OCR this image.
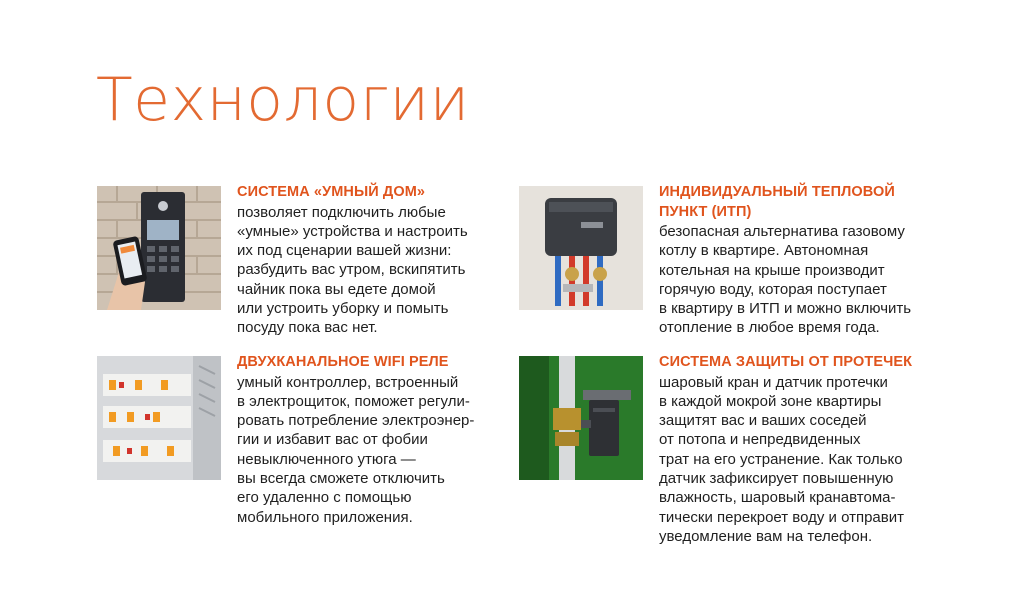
Технологии

СИСТЕМА «УМНЫЙ ДОМ»

позволяет подключить любые

«умные» устройства и настроить

их под сценарии вашей жизни:

разбудить вас утром, вскипятить

чайник пока вы едете домой

или устроить уборку и помыть

посуду пока вас нет.

ИНДИВИДУАЛЬНЫЙ ТЕПЛОВОЙ

ПУНКТ (ИТП)

безопасная альтернатива газовому

котлу в квартире. Автономная

котельная на крыше производит

горячую воду, которая поступает

в квартиру в ИТП и можно включить

отопление в любое время года.

ДВУХКАНАЛЬНОЕ WIFI РЕЛЕ

умный контроллер, встроенный

в электрощиток, поможет регули-

ровать потребление электроэнер-

гии и избавит вас от фобии

невыключенного утюга —

вы всегда сможете отключить

его удаленно с помощью

мобильного приложения.

СИСТЕМА ЗАЩИТЫ ОТ ПРОТЕЧЕК

шаровый кран и датчик протечки

в каждой мокрой зоне квартиры

защитят вас и ваших соседей

от потопа и непредвиденных

трат на его устранение. Как только

датчик зафиксирует повышенную

влажность, шаровый кранавтома-

тически перекроет воду и отправит

уведомление вам на телефон.
